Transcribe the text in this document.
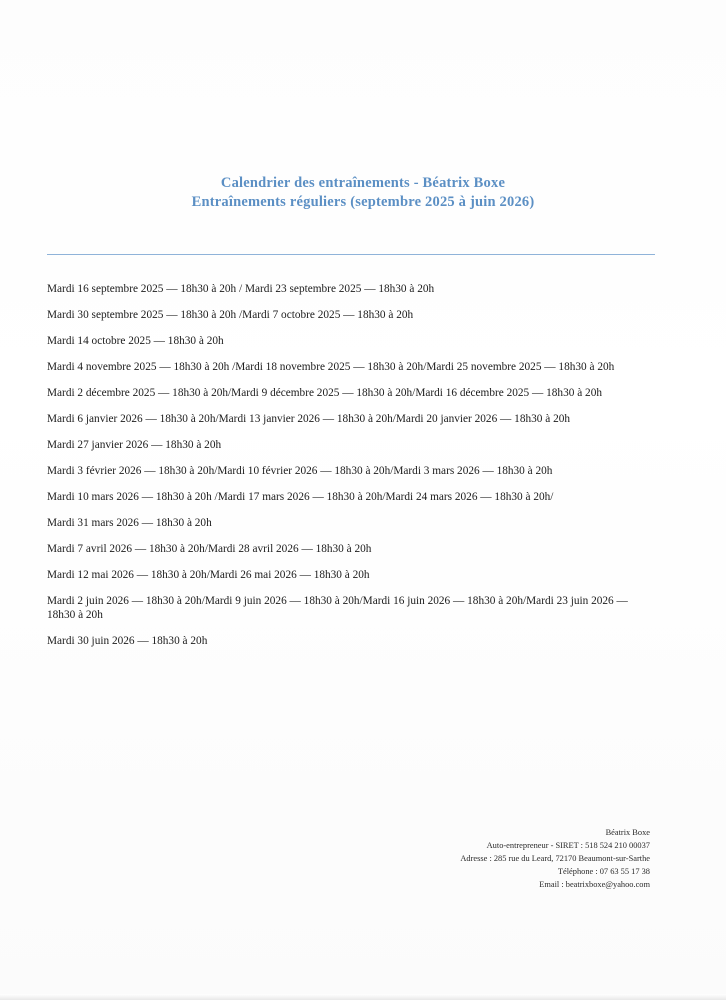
Calendrier des entraînements - Béatrix Boxe
Entraînements réguliers (septembre 2025 à juin 2026)

Mardi 16 septembre 2025 — 18h30 à 20h / Mardi 23 septembre 2025 — 18h30 à 20h

Mardi 30 septembre 2025 — 18h30 à 20h /Mardi 7 octobre 2025 — 18h30 à 20h

Mardi 14 octobre 2025 — 18h30 à 20h

Mardi 4 novembre 2025 — 18h30 à 20h /Mardi 18 novembre 2025 — 18h30 à 20h/Mardi 25 novembre 2025 — 18h30 à 20h

Mardi 2 décembre 2025 — 18h30 à 20h/Mardi 9 décembre 2025 — 18h30 à 20h/Mardi 16 décembre 2025 — 18h30 à 20h

Mardi 6 janvier 2026 — 18h30 à 20h/Mardi 13 janvier 2026 — 18h30 à 20h/Mardi 20 janvier 2026 — 18h30 à 20h

Mardi 27 janvier 2026 — 18h30 à 20h

Mardi 3 février 2026 — 18h30 à 20h/Mardi 10 février 2026 — 18h30 à 20h/Mardi 3 mars 2026 — 18h30 à 20h

Mardi 10 mars 2026 — 18h30 à 20h /Mardi 17 mars 2026 — 18h30 à 20h/Mardi 24 mars 2026 — 18h30 à 20h/

Mardi 31 mars 2026 — 18h30 à 20h

Mardi 7 avril 2026 — 18h30 à 20h/Mardi 28 avril 2026 — 18h30 à 20h

Mardi 12 mai 2026 — 18h30 à 20h/Mardi 26 mai 2026 — 18h30 à 20h

Mardi 2 juin 2026 — 18h30 à 20h/Mardi 9 juin 2026 — 18h30 à 20h/Mardi 16 juin 2026 — 18h30 à 20h/Mardi 23 juin 2026 — 18h30 à 20h

Mardi 30 juin 2026 — 18h30 à 20h

Béatrix Boxe
Auto-entrepreneur - SIRET : 518 524 210 00037
Adresse : 285 rue du Leard, 72170 Beaumont-sur-Sarthe
Téléphone : 07 63 55 17 38
Email : beatrixboxe@yahoo.com
